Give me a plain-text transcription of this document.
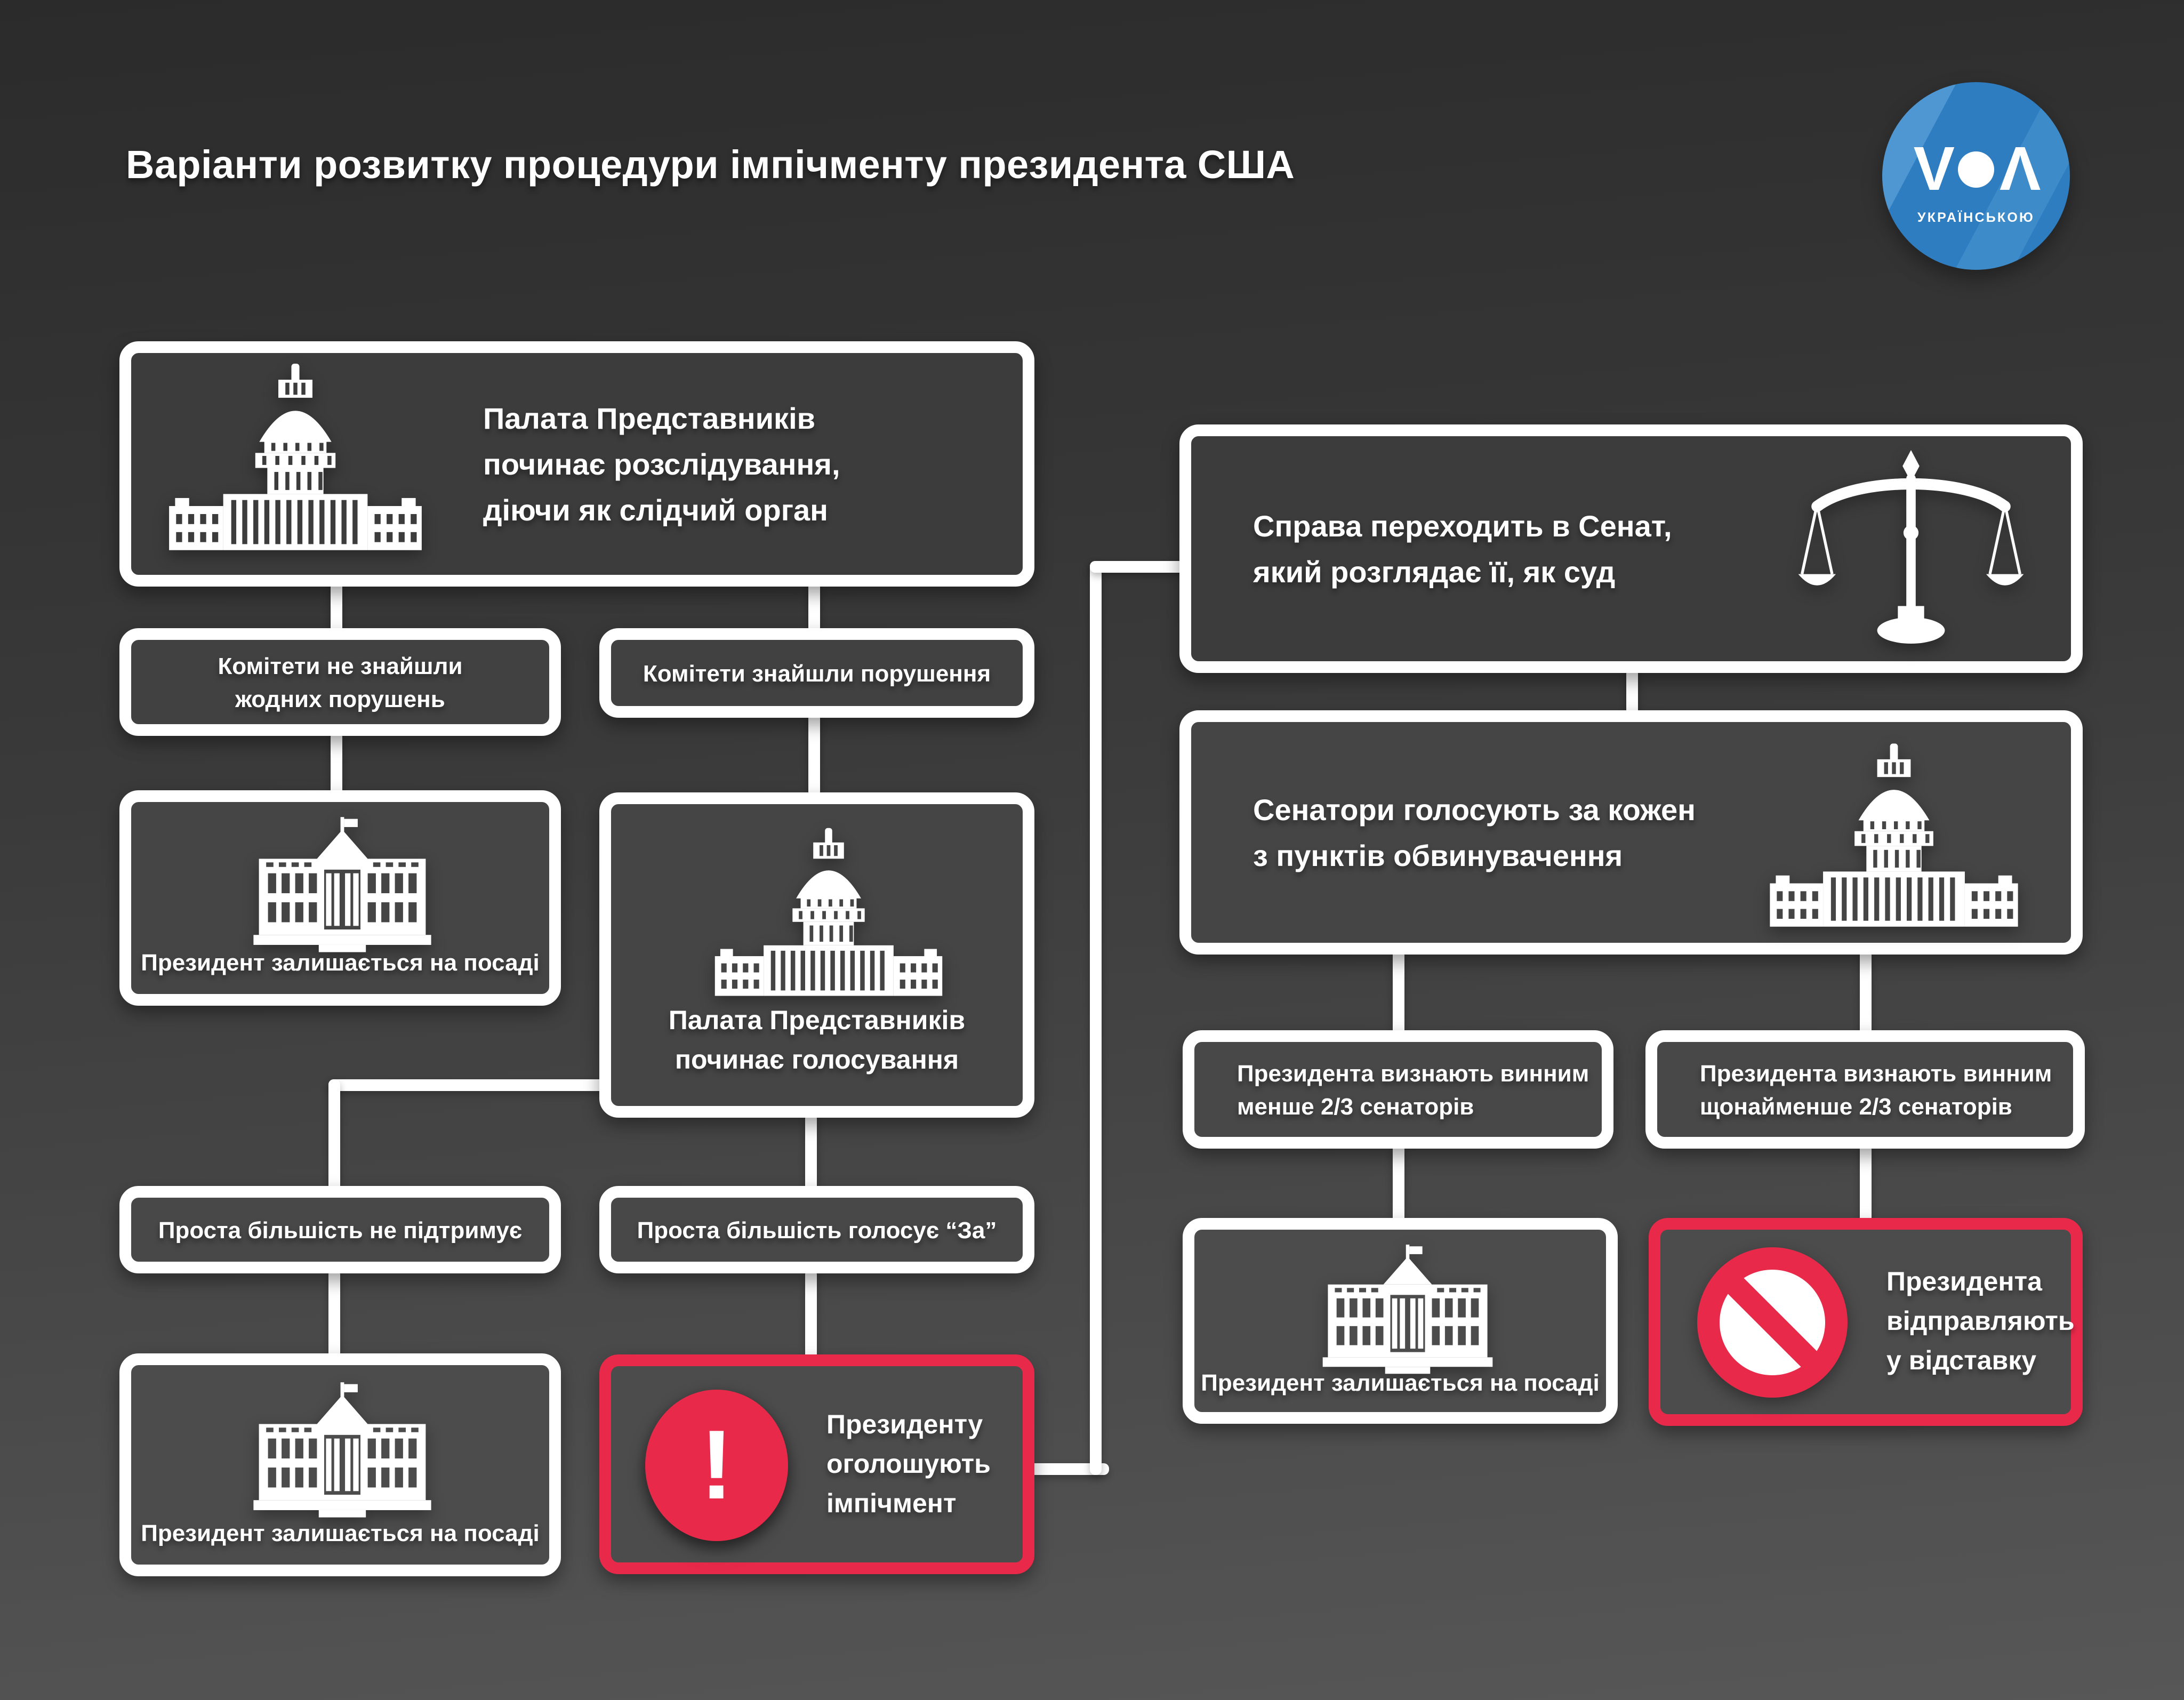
Варіанти розвитку процедури імпічменту президента США	V Λ
УКРАЇНСЬКОЮ
Палата Представників
починає розслідування,
діючи як слідчий орган
Комітети не знайшли
жодних порушень
Комітети знайшли порушення
Президент залишається на посаді
Палата Представників
починає голосування
Проста більшість не підтримує	Проста більшість голосує “За”
Президент залишається на посаді
!	Президенту
оголошують
імпічмент
Справа переходить в Сенат,
який розглядає її, як суд
Сенатори голосують за кожен
з пунктів обвинувачення
Президента визнають винним
менше 2/3 сенаторів
Президента визнають винним
щонайменше 2/3 сенаторів
Президент залишається на посаді
Президента
відправляють
у відставку
